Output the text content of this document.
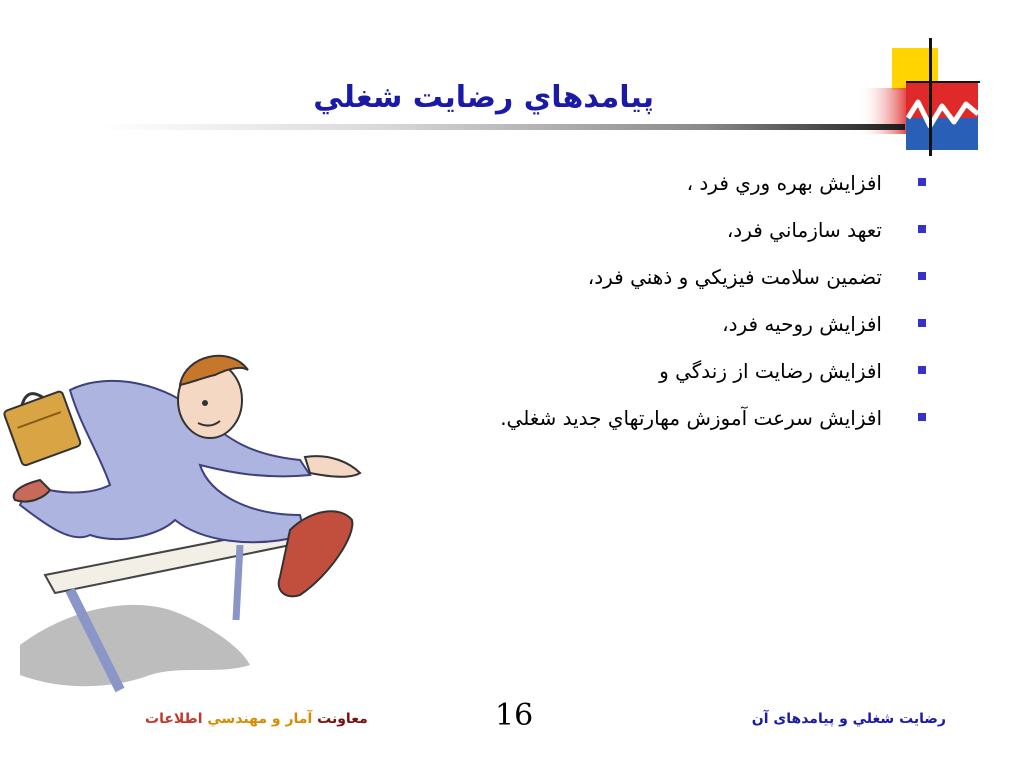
پيامدهاي رضايت شغلي
افزايش بهره وري فرد ،
تعهد سازماني فرد،
تضمين سلامت فيزيكي و ذهني فرد،
افزايش روحيه فرد،
افزايش رضايت از زندگي و
افزايش سرعت آموزش مهارتهاي جديد شغلي.
معاونت آمار و مهندسي اطلاعات	16	رضايت شغلي و پيامدهای آن
